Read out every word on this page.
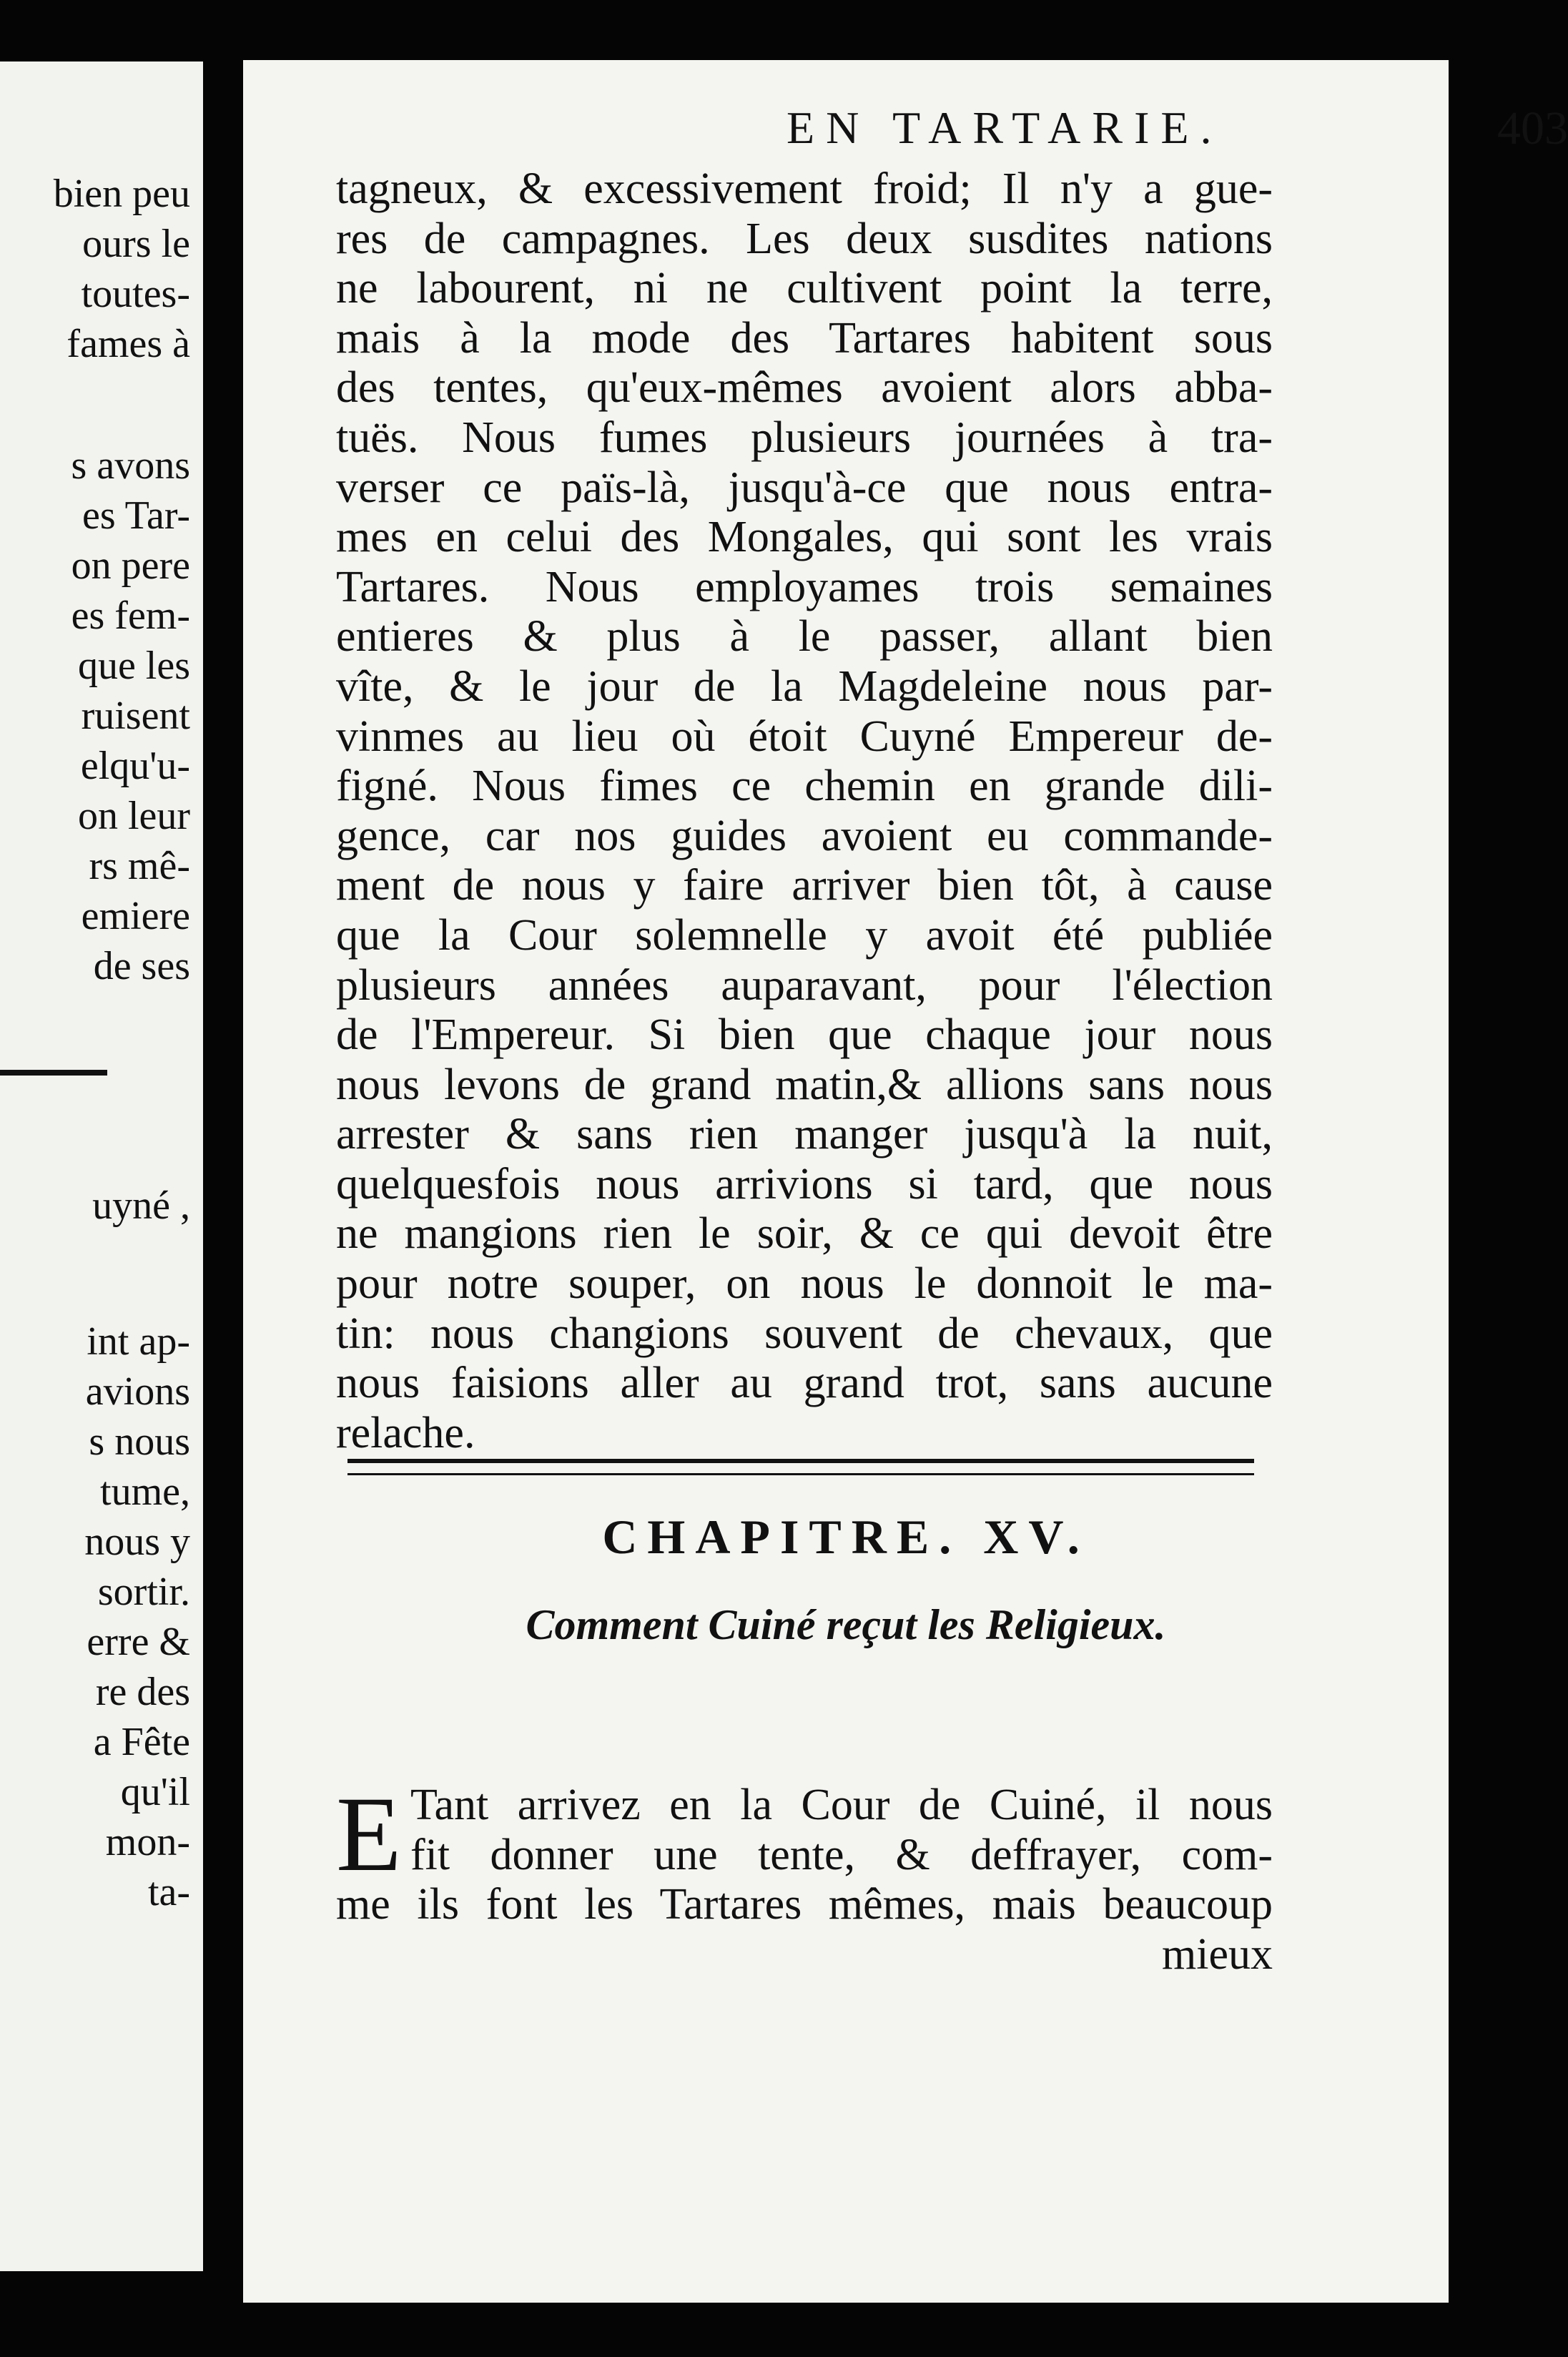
bien peu
ours le
toutes-
fames à
s avons
es Tar-
on pere
es fem-
que les
ruisent
elqu'u-
on leur
rs mê-
emiere
de ses
uyné ,
int ap-
avions
s nous
tume,
nous y
sortir.
erre &
re des
a Fête
qu'il
mon-
ta-
EN TARTARIE.	403
tagneux, & excessivement froid; Il n'y a gue-
res de campagnes. Les deux susdites nations
ne labourent, ni ne cultivent point la terre,
mais à la mode des Tartares habitent sous
des tentes, qu'eux-mêmes avoient alors abba-
tuës. Nous fumes plusieurs journées à tra-
verser ce païs-là, jusqu'à-ce que nous entra-
mes en celui des Mongales, qui sont les vrais
Tartares. Nous employames trois semaines
entieres & plus à le passer, allant bien
vîte, & le jour de la Magdeleine nous par-
vinmes au lieu où étoit Cuyné Empereur de-
figné. Nous fimes ce chemin en grande dili-
gence, car nos guides avoient eu commande-
ment de nous y faire arriver bien tôt, à cause
que la Cour solemnelle y avoit été publiée
plusieurs années auparavant, pour l'élection
de l'Empereur. Si bien que chaque jour nous
nous levons de grand matin,& allions sans nous
arrester & sans rien manger jusqu'à la nuit,
quelquesfois nous arrivions si tard, que nous
ne mangions rien le soir, & ce qui devoit être
pour notre souper, on nous le donnoit le ma-
tin: nous changions souvent de chevaux, que
nous faisions aller au grand trot, sans aucune
relache.
CHAPITRE. XV.
Comment Cuiné reçut les Religieux.
E Tant arrivez en la Cour de Cuiné, il nous
fit donner une tente, & deffrayer, com-
me ils font les Tartares mêmes, mais beaucoup
mieux
